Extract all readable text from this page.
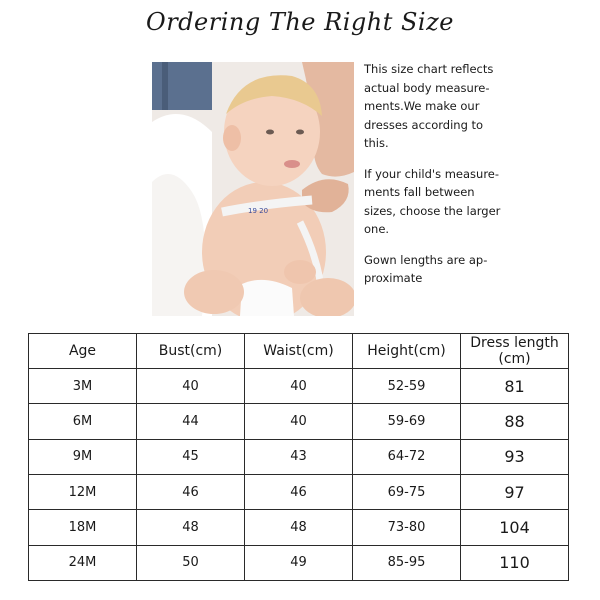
Ordering The Right Size
19 20

This size chart reflects actual body measure-ments.We make our dresses according to this.

If your child's measure-ments fall between sizes, choose the larger one.

Gown lengths are ap-proximate

Age	Bust(cm)	Waist(cm)	Height(cm)	Dress length
(cm)
3M	40	40	52-59	81
6M	44	40	59-69	88
9M	45	43	64-72	93
12M	46	46	69-75	97
18M	48	48	73-80	104
24M	50	49	85-95	110
